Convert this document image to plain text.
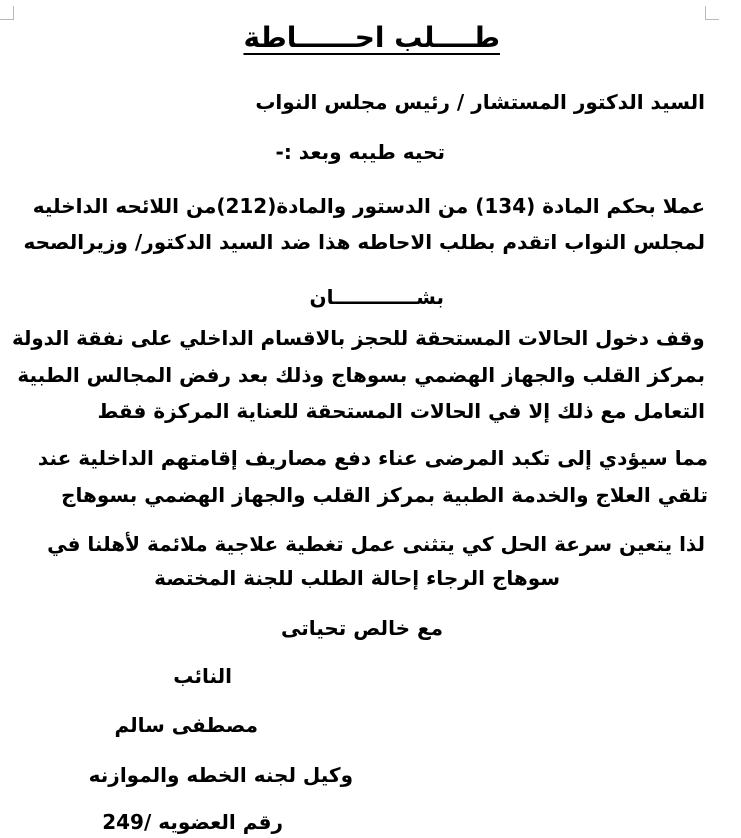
طــــلب احــــــاطة
السيد الدكتور المستشار / رئيس مجلس النواب
تحيه طيبه وبعد :-
عملا بحكم المادة (134) من الدستور والمادة(212)من اللائحه الداخليه
لمجلس النواب اتقدم بطلب الاحاطه هذا ضد السيد الدكتور/ وزيرالصحه
بشــــــــــــان
وقف دخول الحالات المستحقة للحجز بالاقسام الداخلي على نفقة الدولة
بمركز القلب والجهاز الهضمي بسوهاج وذلك بعد رفض المجالس الطبية
التعامل مع ذلك إلا في الحالات المستحقة للعناية المركزة فقط
مما سيؤدي إلى تكبد المرضى عناء دفع مصاريف إقامتهم الداخلية عند
تلقي العلاج والخدمة الطبية بمركز القلب والجهاز الهضمي بسوهاج
لذا يتعين سرعة الحل كي يتثنى عمل تغطية علاجية ملائمة لأهلنا في
سوهاج الرجاء إحالة الطلب للجنة المختصة
مع خالص تحياتى
النائب
مصطفى سالم
وكيل لجنه الخطه والموازنه
رقم العضويه /249
